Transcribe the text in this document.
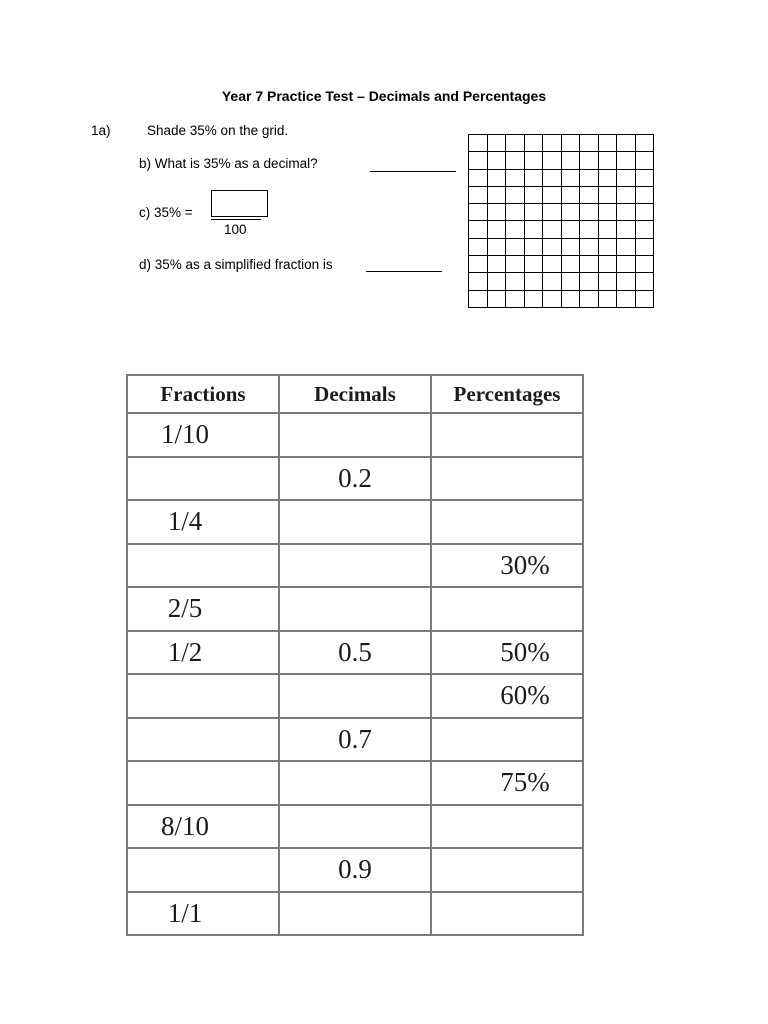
Year 7 Practice Test – Decimals and Percentages
1a)	Shade 35% on the grid.
b) What is 35% as a decimal?
c) 35% =
100
d) 35% as a simplified fraction is
Fractions	Decimals	Percentages
1/10		
	0.2	
1/4		
		30%
2/5		
1/2	0.5	50%
		60%
	0.7	
		75%
8/10		
	0.9	
1/1		
